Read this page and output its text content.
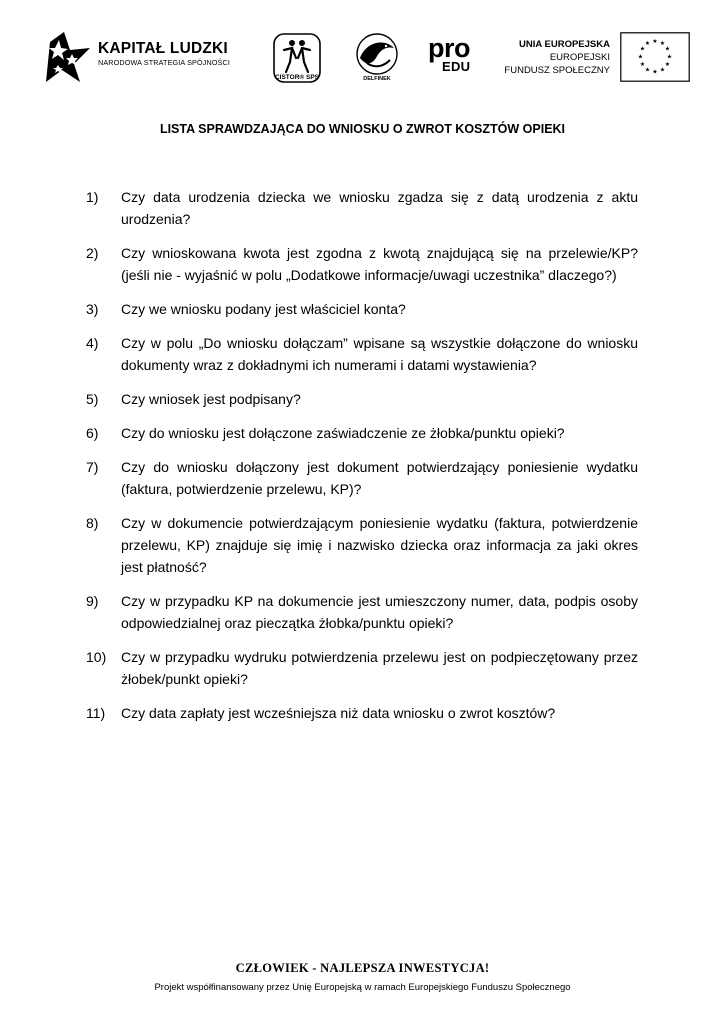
KAPITAŁ LUDZKI
NARODOWA STRATEGIA SPÓJNOŚCI
CISTOR® SPS	DELFINEK
pro
EDU
UNIA EUROPEJSKA
EUROPEJSKI
FUNDUSZ SPOŁECZNY
★ ★
★
★
★
★
★
★
★
★
★
★
LISTA SPRAWDZAJĄCA DO WNIOSKU O ZWROT KOSZTÓW OPIEKI
1)	Czy data urodzenia dziecka we wniosku zgadza się z datą urodzenia z aktu urodzenia?
2)	Czy wnioskowana kwota jest zgodna z kwotą znajdującą się na przelewie/KP? (jeśli nie - wyjaśnić w polu „Dodatkowe informacje/uwagi uczestnika” dlaczego?)
3)	Czy we wniosku podany jest właściciel konta?
4)	Czy w polu „Do wniosku dołączam” wpisane są wszystkie dołączone do wniosku dokumenty wraz z dokładnymi ich numerami i datami wystawienia?
5)	Czy wniosek jest podpisany?
6)	Czy do wniosku jest dołączone zaświadczenie ze żłobka/punktu opieki?
7)	Czy do wniosku dołączony jest dokument potwierdzający poniesienie wydatku (faktura, potwierdzenie przelewu, KP)?
8)	Czy w dokumencie potwierdzającym poniesienie wydatku (faktura, potwierdzenie przelewu, KP) znajduje się imię i nazwisko dziecka oraz informacja za jaki okres jest płatność?
9)	Czy w przypadku KP na dokumencie jest umieszczony numer, data, podpis osoby odpowiedzialnej oraz pieczątka żłobka/punktu opieki?
10)	Czy w przypadku wydruku potwierdzenia przelewu jest on podpieczętowany przez żłobek/punkt opieki?
11)	Czy data zapłaty jest wcześniejsza niż data wniosku o zwrot kosztów?
CZŁOWIEK - NAJLEPSZA INWESTYCJA!
Projekt współfinansowany przez Unię Europejską w ramach Europejskiego Funduszu Społecznego
